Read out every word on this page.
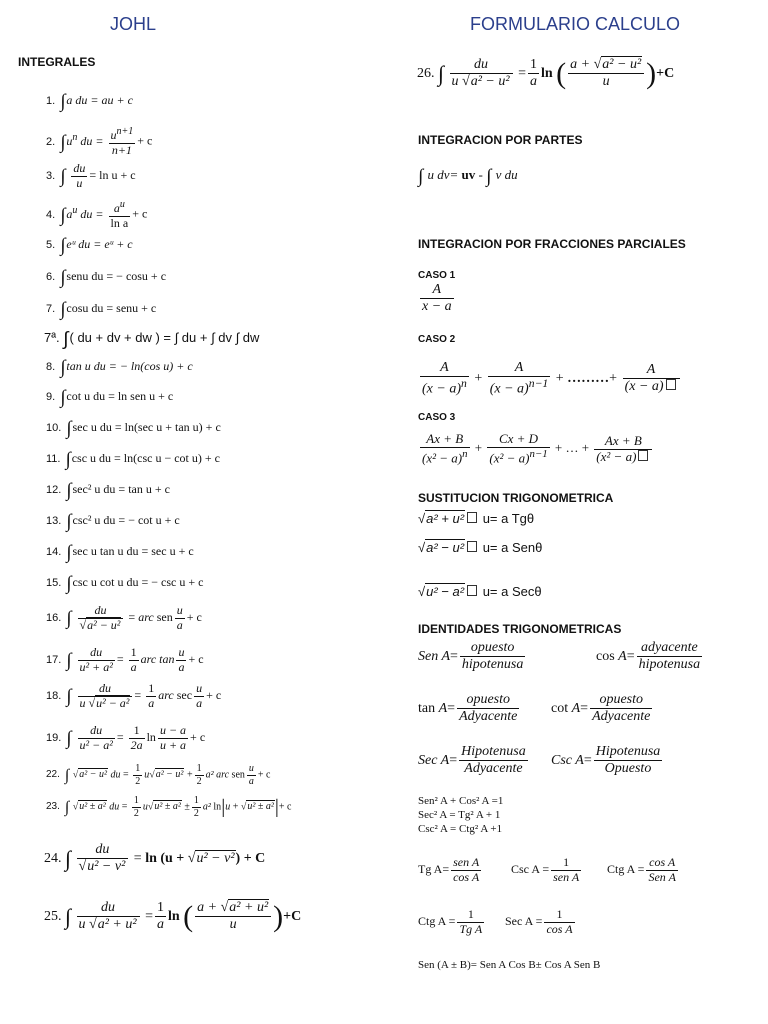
JOHL	FORMULARIO CALCULO
INTEGRALES
1. ∫a du = au + c
2. $\int u^n$ du = $\frac{u^{n+1}}{n+1} + c$
3. ∫ $\frac{du}{u} = \ln u + c$
4. $\int a^u$ du = $\frac{a^u}{\text{ln a}} + c$
5. ∫eᵘ du = eᵘ + c
6. ∫senu du = − cosu + c
7. ∫cosu du = senu + c
7ª. ∫( du + dv + dw ) = ∫ du + ∫ dv ∫ dw
8. ∫tan u du = − ln(cos u) + c
9. ∫cot u du = ln sen u + c
10. ∫sec u du = ln(sec u + tan u) + c
11. ∫csc u du = ln(csc u − cot u) + c
12. ∫sec² u du = tan u + c
13. ∫csc² u du = − cot u + c
14. ∫sec u tan u du = sec u + c
15. ∫csc u cot u du = − csc u + c
16. ∫ $\frac{du}{\text{√a² − u²}}$ = arc sen $\frac{u}{a} + c$
17. ∫ $\frac{du}{\text{u² + a²}} = \frac{1}{a}$ arc $\tan \frac{u}{a} + c$
18. ∫ $\frac{du}{\text{u √u² − a²}} = \frac{1}{a}$ arc $\sec \frac{u}{a} + c$
19. ∫ $\frac{du}{\text{u² − a²}} = \frac{1}{2a}$ $\ln \frac{u - a}{u + a} + c$
22. ∫ √a² − u² du = $\frac{1}{2} u√a^2 - u^2 + \frac{1}{2} a^2$ arc sen $\frac{u}{a} + c$
23. ∫ √u² ± a² du = $\frac{1}{2} u√u^2 \pm a^2 \pm \frac{1}{2} a^2$ ln|u + √u² ± a²|+ c
24. ∫ $\frac{du}{\text{√u² − v²}} = \ln (u + √u^2 - v^2) + C$
25. ∫ $\frac{du}{\text{u √a² + u²}} = \frac{1}{a}$ ln ( $\frac{\text{a + √a² + u²}}{u} )+C$
26. ∫ $\frac{du}{\text{u √a² − u²}} = \frac{1}{a}$ ln ( $\frac{\text{a + √a² − u²}}{u} )+C$
INTEGRACION POR PARTES
∫ u dv= uv - ∫ v du
INTEGRACION POR FRACCIONES PARCIALES
CASO 1
$\frac{A}{x - a}$
CASO 2
$\frac{A}{(x - a)^n} + \frac{A}{(x - a)^{n-1}}$ + ………+ $\frac{A}{(x - a)}$
CASO 3
$\frac{Ax + B}{(x^2 - a)^n} + \frac{Cx + D}{(x^2 - a)^{n-1}}$ + … + $\frac{Ax + B}{\text{(x² − a)}}$
SUSTITUCION TRIGONOMETRICA
√a² + u² u= a Tgθ
√a² − u² u= a Senθ
√u² − a² u= a Secθ
IDENTIDADES TRIGONOMETRICAS
Sen $A= \frac{\text{opuesto}}{\text{hipotenusa}}$	$\cos A= \frac{\text{adyacente}}{\text{hipotenusa}}$
$\tan A= \frac{\text{opuesto}}{\text{Adyacente}}$ $\cot A= \frac{\text{opuesto}}{\text{Adyacente}}$
Sec $A= \frac{\text{Hipotenusa}}{\text{Adyacente}}$ Csc $A= \frac{\text{Hipotenusa}}{\text{Opuesto}}$
Sen² A + Cos² A =1
Sec² A = Tg² A + 1
Csc² A = Ctg² A +1
Tg $A= \frac{\text{sen A}}{\text{cos A}}$ Csc $A = \frac{1}{\text{sen A}}$ Ctg $A = \frac{\text{cos A}}{\text{Sen A}}$
Ctg $A = \frac{1}{\text{Tg A}}$ Sec $A = \frac{1}{\text{cos A}}$
Sen (A ± B)= Sen A Cos B± Cos A Sen B
